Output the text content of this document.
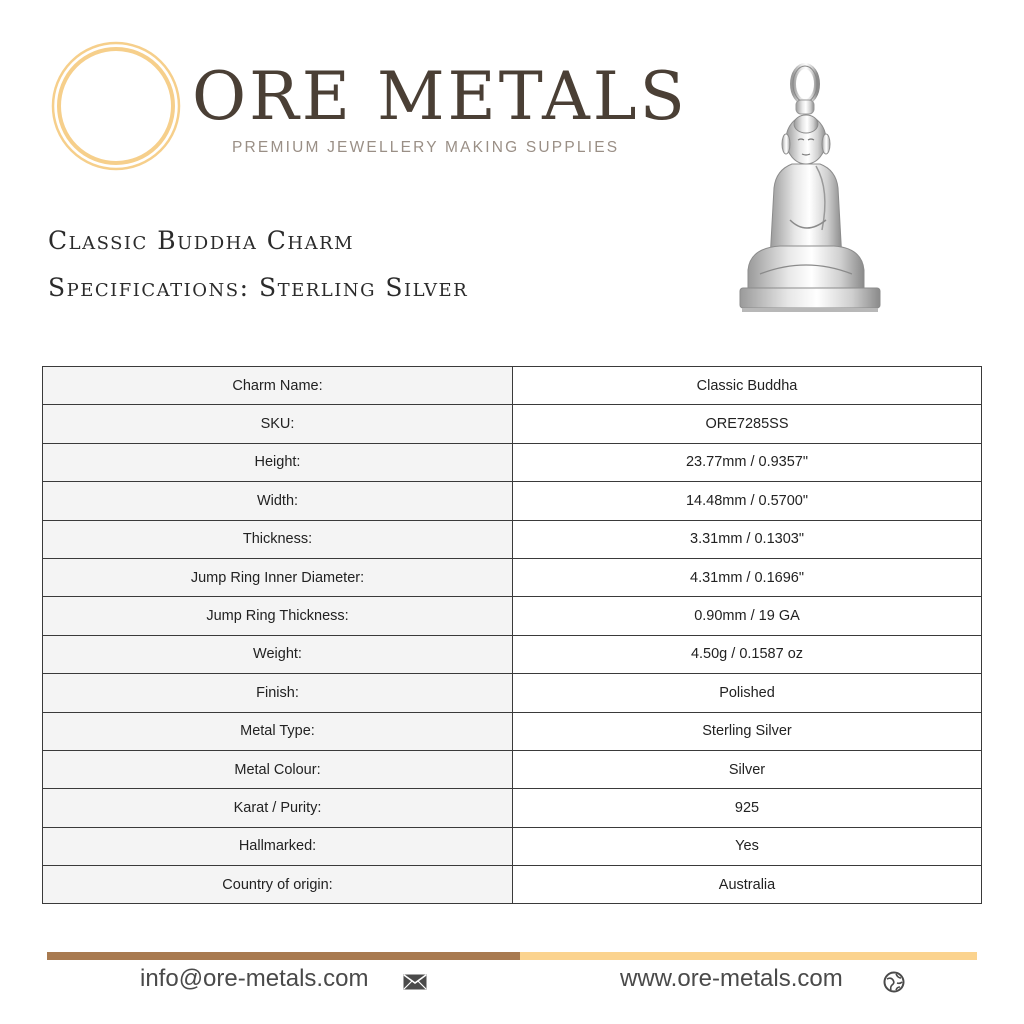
ORE METALS
PREMIUM JEWELLERY MAKING SUPPLIES
Classic Buddha Charm
Specifications: Sterling Silver
Charm Name:	Classic Buddha
SKU:	ORE7285SS
Height:	23.77mm / 0.9357"
Width:	14.48mm / 0.5700"
Thickness:	3.31mm / 0.1303"
Jump Ring Inner Diameter:	4.31mm / 0.1696"
Jump Ring Thickness:	0.90mm / 19 GA
Weight:	4.50g / 0.1587 oz
Finish:	Polished
Metal Type:	Sterling Silver
Metal Colour:	Silver
Karat / Purity:	925
Hallmarked:	Yes
Country of origin:	Australia
info@ore-metals.com	www.ore-metals.com
